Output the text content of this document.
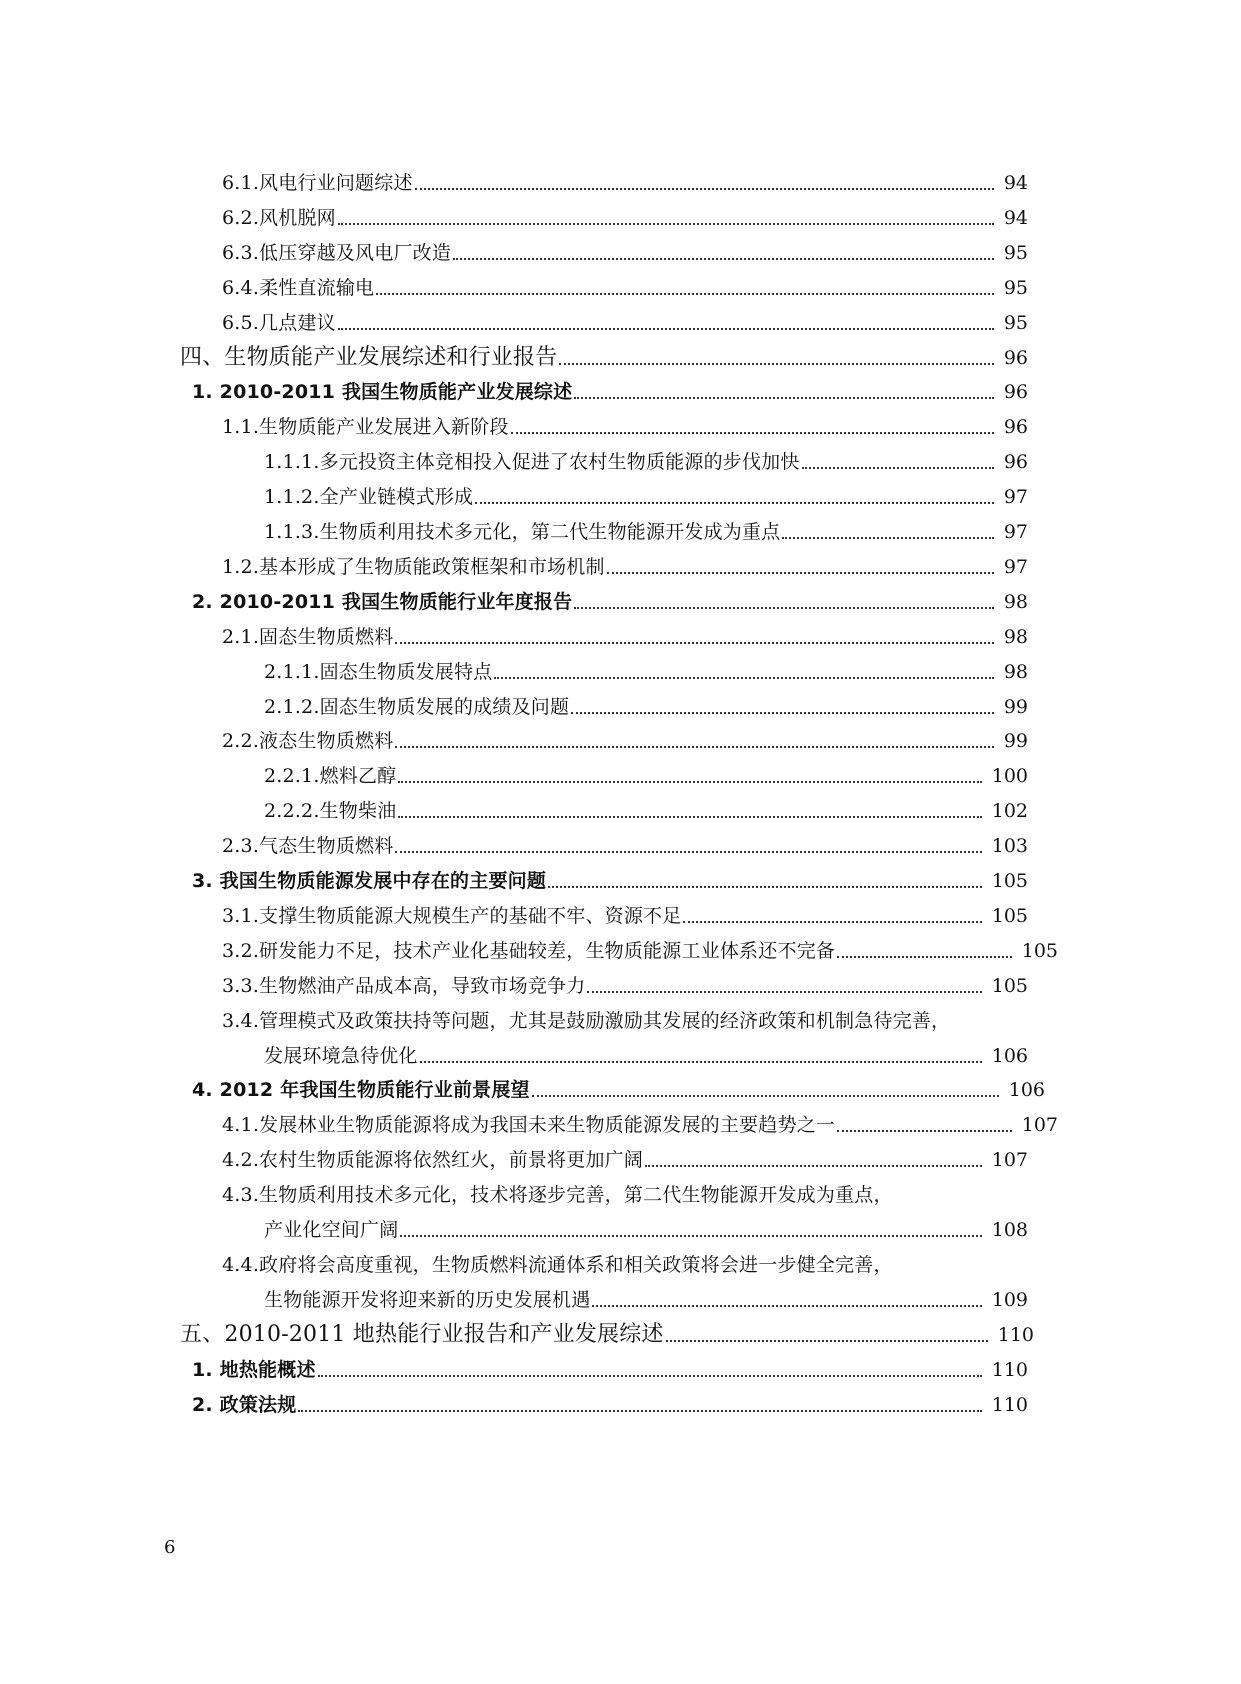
6.1.风电行业问题综述	94
6.2.风机脱网	94
6.3.低压穿越及风电厂改造	95
6.4.柔性直流输电	95
6.5.几点建议	95
四、生物质能产业发展综述和行业报告	96
1. 2010-2011 我国生物质能产业发展综述	96
1.1.生物质能产业发展进入新阶段	96
1.1.1.多元投资主体竞相投入促进了农村生物质能源的步伐加快	96
1.1.2.全产业链模式形成	97
1.1.3.生物质利用技术多元化，第二代生物能源开发成为重点	97
1.2.基本形成了生物质能政策框架和市场机制	97
2. 2010-2011 我国生物质能行业年度报告	98
2.1.固态生物质燃料	98
2.1.1.固态生物质发展特点	98
2.1.2.固态生物质发展的成绩及问题	99
2.2.液态生物质燃料	99
2.2.1.燃料乙醇	100
2.2.2.生物柴油	102
2.3.气态生物质燃料	103
3. 我国生物质能源发展中存在的主要问题	105
3.1.支撑生物质能源大规模生产的基础不牢、资源不足	105
3.2.研发能力不足，技术产业化基础较差，生物质能源工业体系还不完备	105
3.3.生物燃油产品成本高，导致市场竞争力	105
3.4.管理模式及政策扶持等问题，尤其是鼓励激励其发展的经济政策和机制急待完善，
发展环境急待优化	106
4. 2012 年我国生物质能行业前景展望	106
4.1.发展林业生物质能源将成为我国未来生物质能源发展的主要趋势之一	107
4.2.农村生物质能源将依然红火，前景将更加广阔	107
4.3.生物质利用技术多元化，技术将逐步完善，第二代生物能源开发成为重点，
产业化空间广阔	108
4.4.政府将会高度重视，生物质燃料流通体系和相关政策将会进一步健全完善，
生物能源开发将迎来新的历史发展机遇	109
五、2010-2011 地热能行业报告和产业发展综述	110
1. 地热能概述	110
2. 政策法规	110
6
